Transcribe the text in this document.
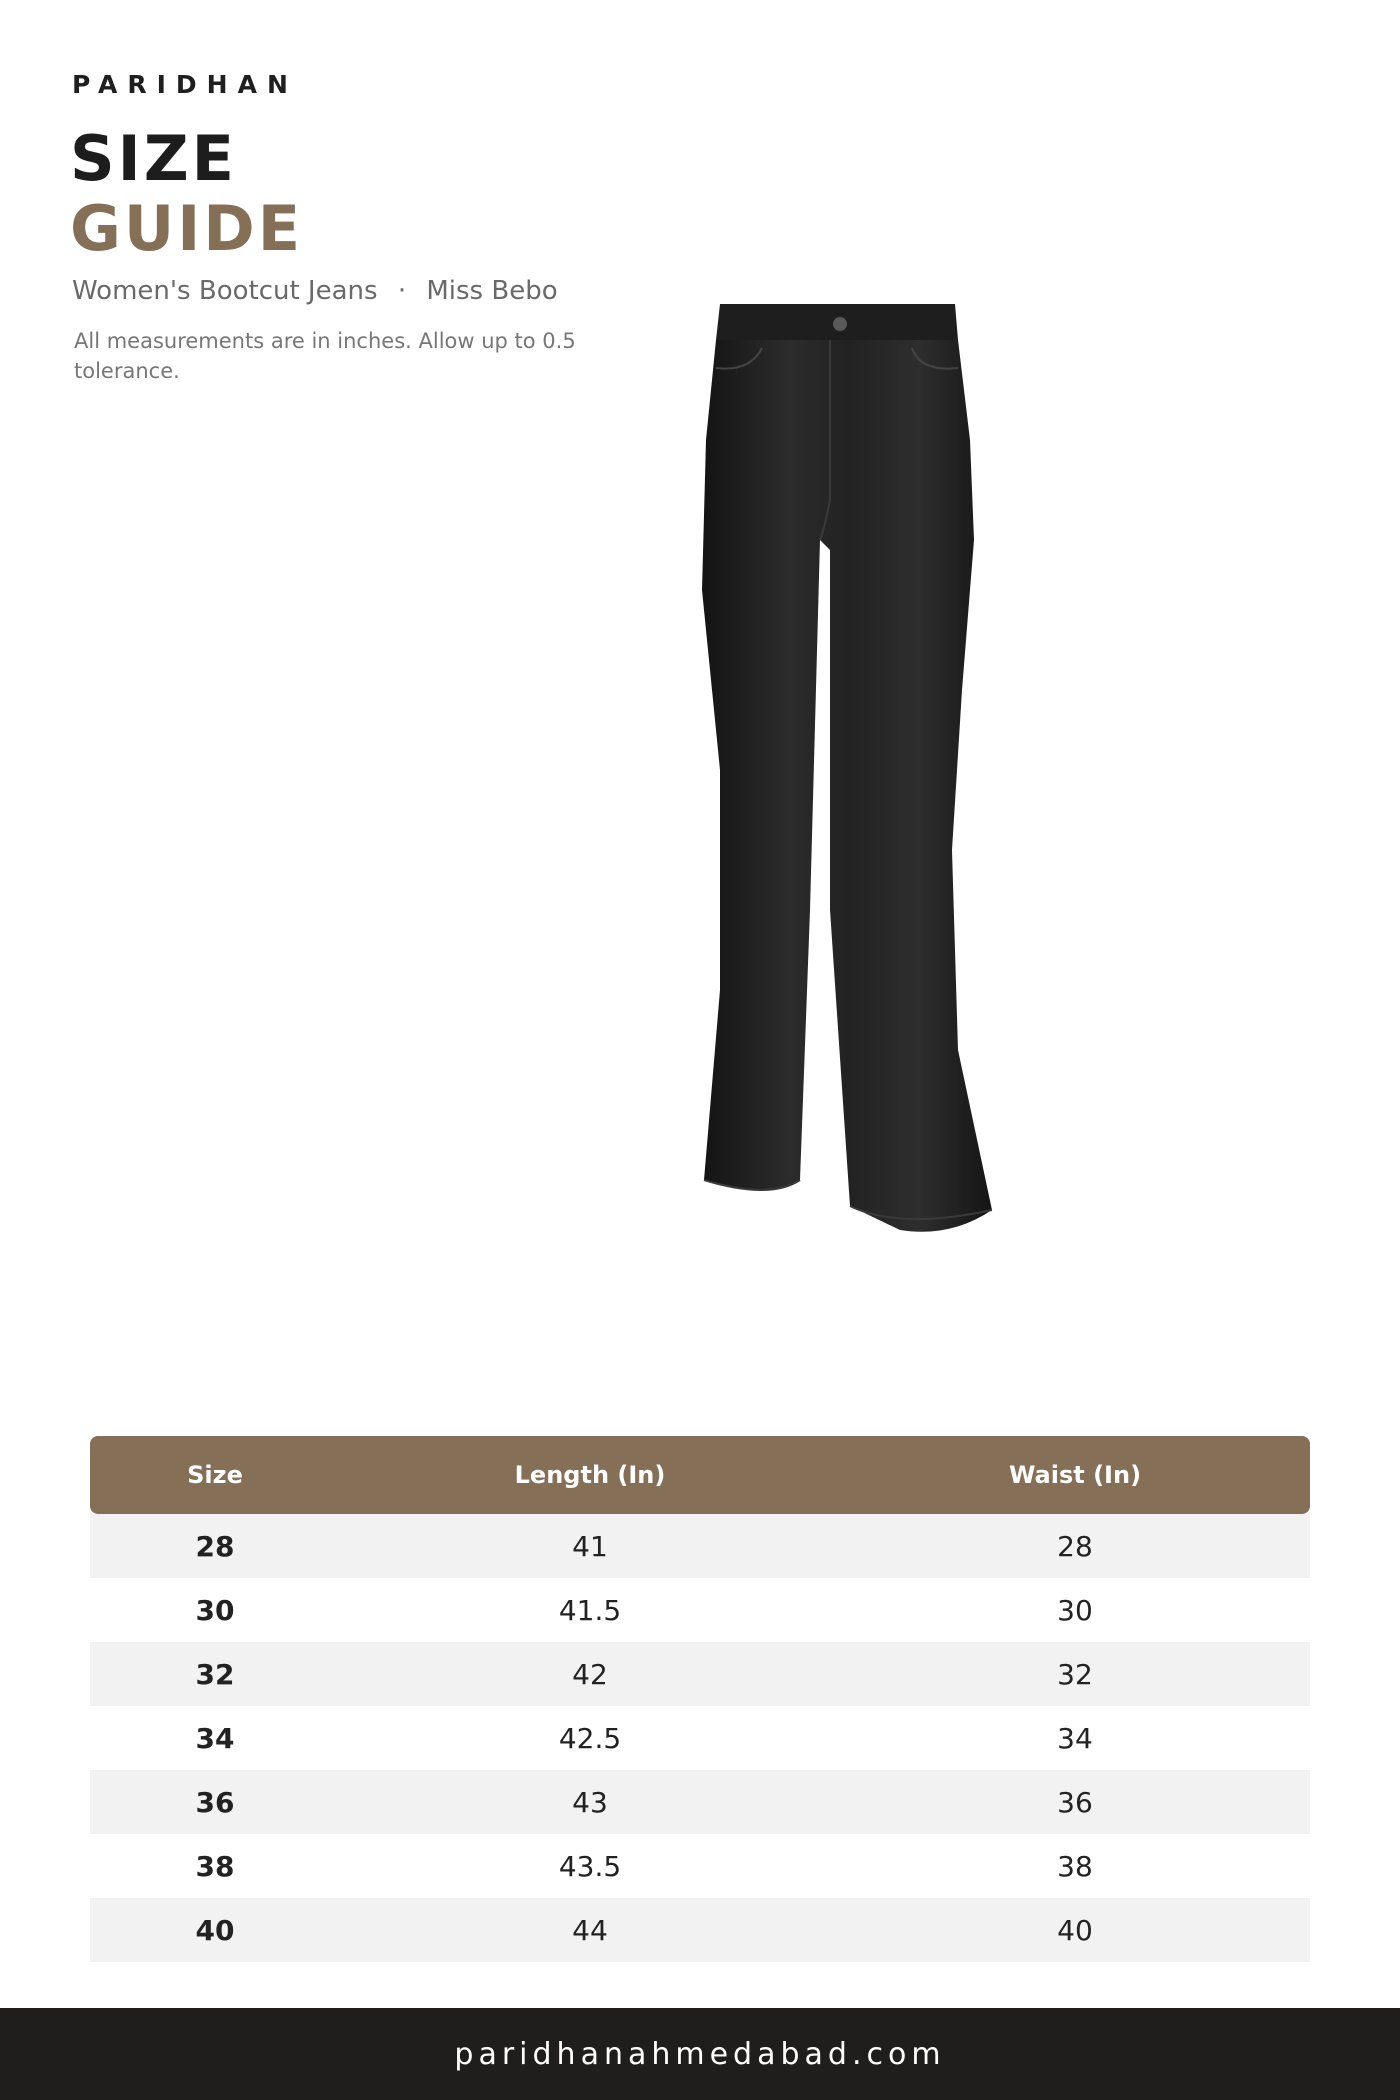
PARIDHAN
SIZE
GUIDE
Women's Bootcut Jeans · Miss Bebo
All measurements are in inches. Allow up to 0.5 tolerance.
Size	Length (In)	Waist (In)
28	41	28
30	41.5	30
32	42	32
34	42.5	34
36	43	36
38	43.5	38
40	44	40
paridhanahmedabad.com
